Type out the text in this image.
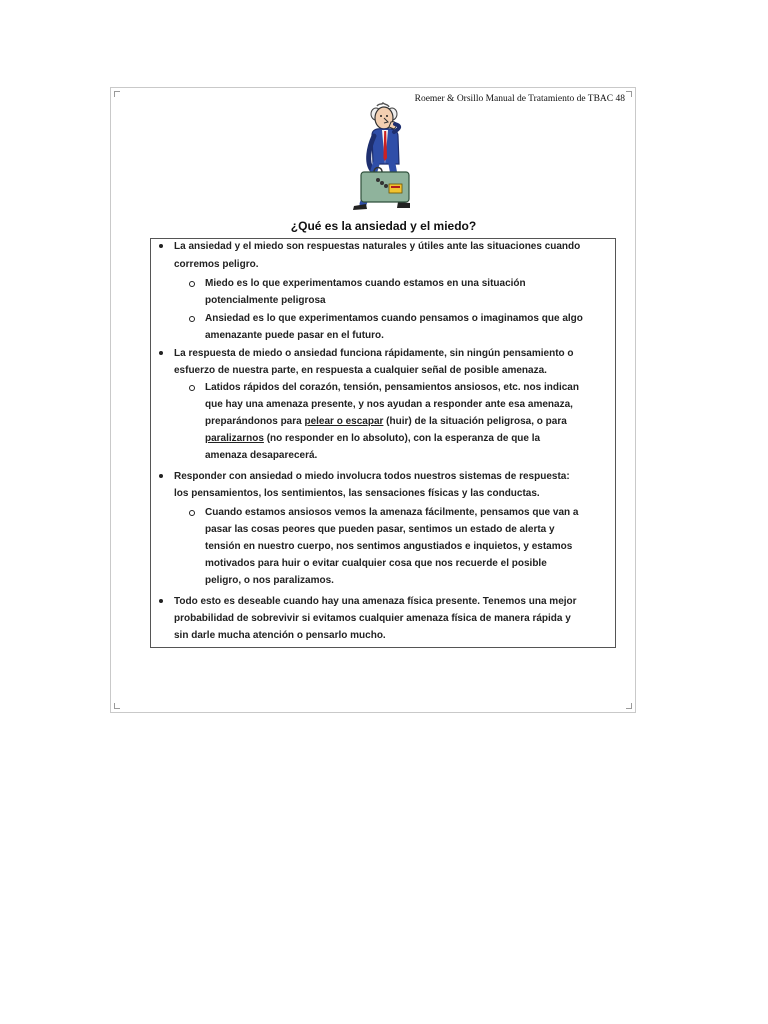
Roemer & Orsillo Manual de Tratamiento de TBAC 48
¿Qué es la ansiedad y el miedo?
La ansiedad y el miedo son respuestas naturales y útiles ante las situaciones cuando
corremos peligro.
Miedo es lo que experimentamos cuando estamos en una situación
potencialmente peligrosa
Ansiedad es lo que experimentamos cuando pensamos o imaginamos que algo
amenazante puede pasar en el futuro.
La respuesta de miedo o ansiedad funciona rápidamente, sin ningún pensamiento o
esfuerzo de nuestra parte, en respuesta a cualquier señal de posible amenaza.
Latidos rápidos del corazón, tensión, pensamientos ansiosos, etc. nos indican
que hay una amenaza presente, y nos ayudan a responder ante esa amenaza,
preparándonos para pelear o escapar (huir) de la situación peligrosa, o para
paralizarnos (no responder en lo absoluto), con la esperanza de que la
amenaza desaparecerá.
Responder con ansiedad o miedo involucra todos nuestros sistemas de respuesta:
los pensamientos, los sentimientos, las sensaciones físicas y las conductas.
Cuando estamos ansiosos vemos la amenaza fácilmente, pensamos que van a
pasar las cosas peores que pueden pasar, sentimos un estado de alerta y
tensión en nuestro cuerpo, nos sentimos angustiados e inquietos, y estamos
motivados para huir o evitar cualquier cosa que nos recuerde el posible
peligro, o nos paralizamos.
Todo esto es deseable cuando hay una amenaza física presente. Tenemos una mejor
probabilidad de sobrevivir si evitamos cualquier amenaza física de manera rápida y
sin darle mucha atención o pensarlo mucho.
